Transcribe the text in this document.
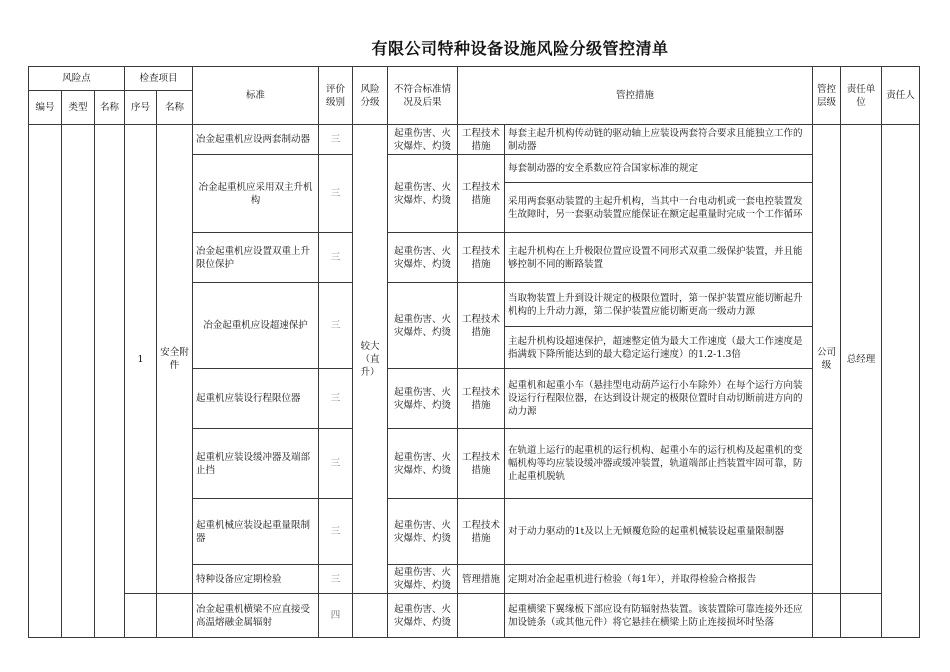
有限公司特种设备设施风险分级管控清单
风险点			检查项目		标准	评价级别	风险分级	不符合标准情况及后果	管控措施		管控层级	责任单位	责任人
编号	类型	名称	序号	名称									
			1	安全附件	冶金起重机应设两套制动器	三	较大（直升）	起重伤害、火灾爆炸、灼烫	工程技术措施	每套主起升机构传动链的驱动轴上应装设两套符合要求且能独立工作的制动器	公司级	总经理	
					冶金起重机应采用双主升机构	三		起重伤害、火灾爆炸、灼烫	工程技术措施	每套制动器的安全系数应符合国家标准的规定			
										采用两套驱动装置的主起升机构，当其中一台电动机或一套电控装置发生故障时，另一套驱动装置应能保证在额定起重量时完成一个工作循环			
					冶金起重机应设置双重上升限位保护	三		起重伤害、火灾爆炸、灼烫	工程技术措施	主起升机构在上升极限位置应设置不同形式双重二级保护装置，并且能够控制不同的断路装置			
					冶金起重机应设超速保护	三		起重伤害、火灾爆炸、灼烫	工程技术措施	当取物装置上升到设计规定的极限位置时，第一保护装置应能切断起升机构的上升动力源，第二保护装置应能切断更高一级动力源			
										主起升机构设超速保护，超速整定值为最大工作速度（最大工作速度是指满载下降所能达到的最大稳定运行速度）的1.2-1.3倍			
					起重机应装设行程限位器	三		起重伤害、火灾爆炸、灼烫	工程技术措施	起重机和起重小车（悬挂型电动葫芦运行小车除外）在每个运行方向装设运行行程限位器，在达到设计规定的极限位置时自动切断前进方向的动力源			
					起重机应装设缓冲器及端部止挡	三		起重伤害、火灾爆炸、灼烫	工程技术措施	在轨道上运行的起重机的运行机构、起重小车的运行机构及起重机的变幅机构等均应装设缓冲器或缓冲装置，轨道端部止挡装置牢固可靠，防止起重机脱轨			
					起重机械应装设起重量限制器	三		起重伤害、火灾爆炸、灼烫	工程技术措施	对于动力驱动的1t及以上无倾覆危险的起重机械装设起重量限制器			
					特种设备应定期检验	三		起重伤害、火灾爆炸、灼烫	管理措施	定期对冶金起重机进行检验（每1年），并取得检验合格报告			
					冶金起重机横梁不应直接受高温熔融金属辐射	四		起重伤害、火灾爆炸、灼烫		起重横梁下翼缘板下部应设有防辐射热装置。该装置除可靠连接外还应加设链条（或其他元件）将它悬挂在横梁上防止连接损坏时坠落			
